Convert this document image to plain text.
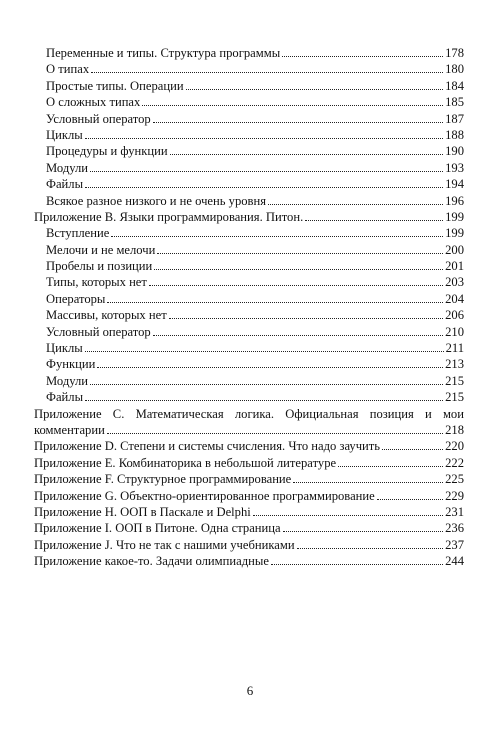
Переменные и типы. Структура программы	178
О типах	180
Простые типы. Операции	184
О сложных типах	185
Условный оператор	187
Циклы	188
Процедуры и функции	190
Модули	193
Файлы	194
Всякое разное низкого и не очень уровня	196
Приложение B. Языки программирования. Питон.	199
Вступление	199
Мелочи и не мелочи	200
Пробелы и позиции	201
Типы, которых нет	203
Операторы	204
Массивы, которых нет	206
Условный оператор	210
Циклы	211
Функции	213
Модули	215
Файлы	215
Приложение C. Математическая логика. Официальная позиция и мои
комментарии	218
Приложение D. Степени и системы счисления. Что надо заучить	220
Приложение E. Комбинаторика в небольшой литературе	222
Приложение F. Структурное программирование	225
Приложение G. Объектно-ориентированное программирование	229
Приложение H. ООП в Паскале и Delphi	231
Приложение I. ООП в Питоне. Одна страница	236
Приложение J. Что не так с нашими учебниками	237
Приложение какое-то. Задачи олимпиадные	244
6
